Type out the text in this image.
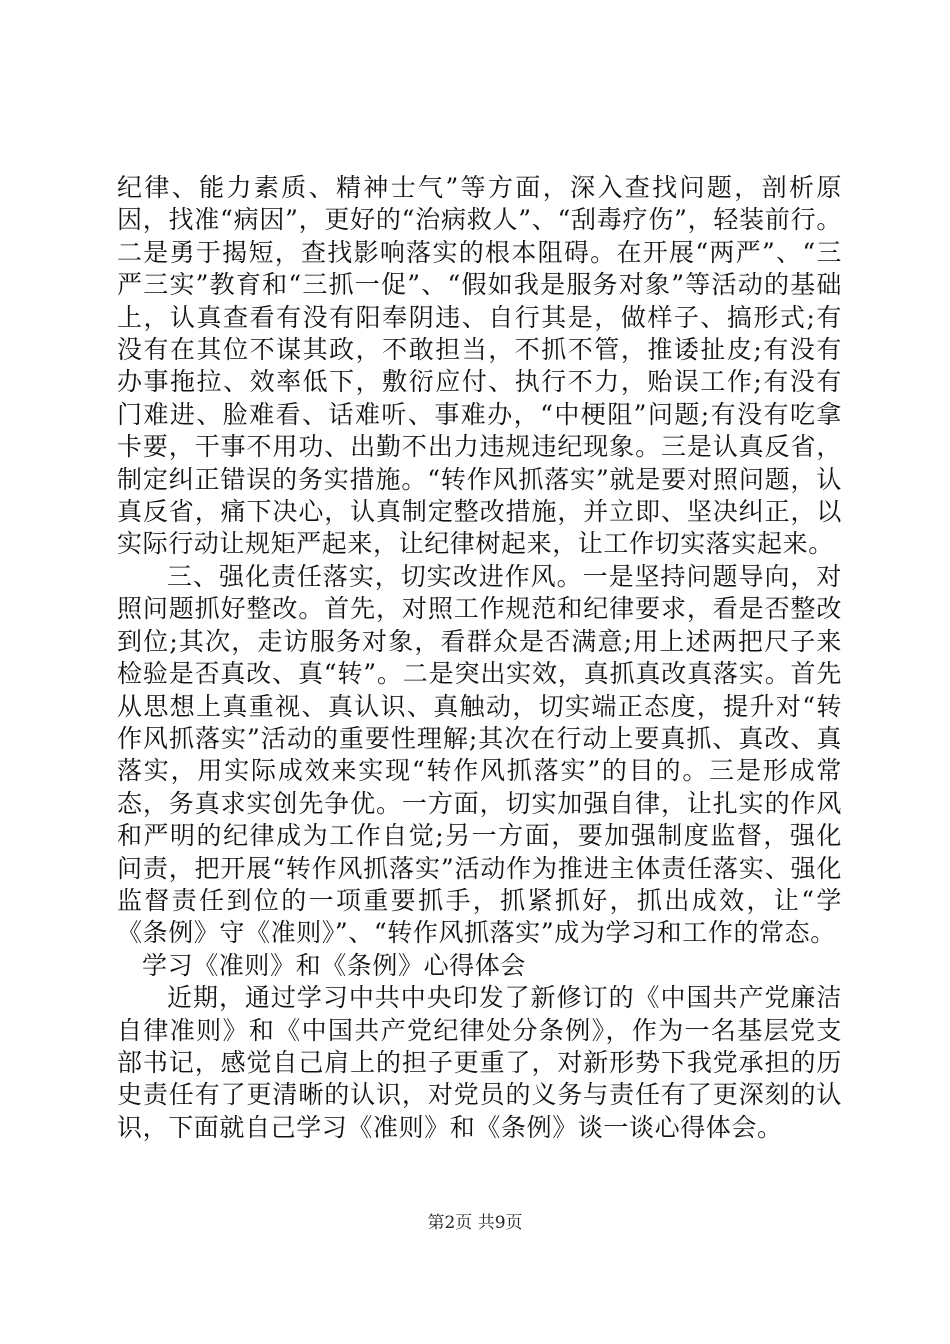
纪律、能力素质、精神士气”等方面，深入查找问题，剖析原因，找准“病因”，更好的“治病救人”、“刮毒疗伤”，轻装前行。二是勇于揭短，查找影响落实的根本阻碍。在开展“两严”、“三严三实”教育和“三抓一促”、“假如我是服务对象”等活动的基础上，认真查看有没有阳奉阴违、自行其是，做样子、搞形式;有没有在其位不谋其政，不敢担当，不抓不管，推诿扯皮;有没有办事拖拉、效率低下，敷衍应付、执行不力，贻误工作;有没有门难进、脸难看、话难听、事难办，“中梗阻”问题;有没有吃拿卡要，干事不用功、出勤不出力违规违纪现象。三是认真反省，制定纠正错误的务实措施。“转作风抓落实”就是要对照问题，认真反省，痛下决心，认真制定整改措施，并立即、坚决纠正，以实际行动让规矩严起来，让纪律树起来，让工作切实落实起来。

三、强化责任落实，切实改进作风。一是坚持问题导向，对照问题抓好整改。首先，对照工作规范和纪律要求，看是否整改到位;其次，走访服务对象，看群众是否满意;用上述两把尺子来检验是否真改、真“转”。二是突出实效，真抓真改真落实。首先从思想上真重视、真认识、真触动，切实端正态度，提升对“转作风抓落实”活动的重要性理解;其次在行动上要真抓、真改、真落实，用实际成效来实现“转作风抓落实”的目的。三是形成常态，务真求实创先争优。一方面，切实加强自律，让扎实的作风和严明的纪律成为工作自觉;另一方面，要加强制度监督，强化问责，把开展“转作风抓落实”活动作为推进主体责任落实、强化监督责任到位的一项重要抓手，抓紧抓好，抓出成效，让“学《条例》守《准则》”、“转作风抓落实”成为学习和工作的常态。

学习《准则》和《条例》心得体会

近期，通过学习中共中央印发了新修订的《中国共产党廉洁自律准则》和《中国共产党纪律处分条例》，作为一名基层党支部书记，感觉自己肩上的担子更重了，对新形势下我党承担的历史责任有了更清晰的认识，对党员的义务与责任有了更深刻的认识，下面就自己学习《准则》和《条例》谈一谈心得体会。

第2页 共9页
